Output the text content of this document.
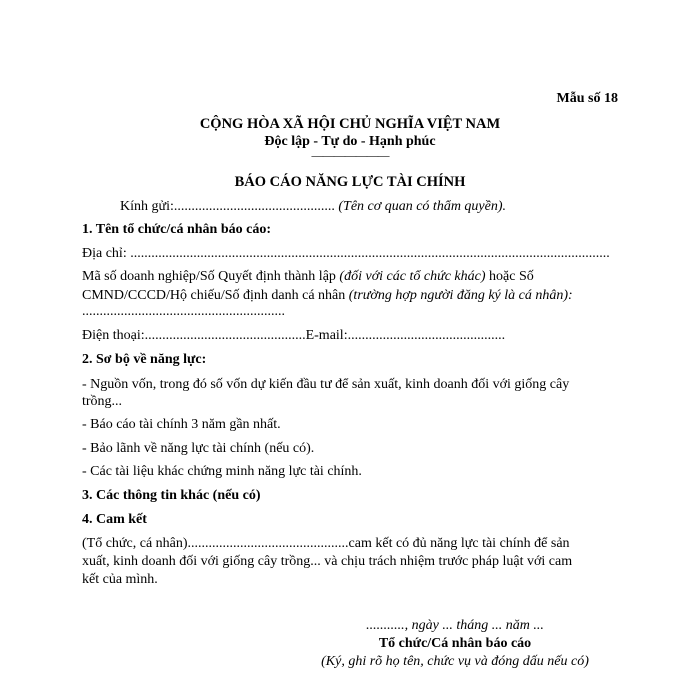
Mẫu số 18
CỘNG HÒA XÃ HỘI CHỦ NGHĨA VIỆT NAM
Độc lập - Tự do - Hạnh phúc
———————
BÁO CÁO NĂNG LỰC TÀI CHÍNH
Kính gửi:.............................................. (Tên cơ quan có thẩm quyền).
1. Tên tổ chức/cá nhân báo cáo:
Địa chỉ: .........................................................................................................................................
Mã số doanh nghiệp/Số Quyết định thành lập (đối với các tổ chức khác) hoặc Số
CMND/CCCD/Hộ chiếu/Số định danh cá nhân (trường hợp người đăng ký là cá nhân):
..........................................................
Điện thoại:..............................................E-mail:.............................................
2. Sơ bộ về năng lực:
- Nguồn vốn, trong đó số vốn dự kiến đầu tư để sản xuất, kinh doanh đối với giống cây
trồng...
- Báo cáo tài chính 3 năm gần nhất.
- Bảo lãnh về năng lực tài chính (nếu có).
- Các tài liệu khác chứng minh năng lực tài chính.
3. Các thông tin khác (nếu có)
4. Cam kết
(Tổ chức, cá nhân)..............................................cam kết có đủ năng lực tài chính để sản
xuất, kinh doanh đối với giống cây trồng... và chịu trách nhiệm trước pháp luật với cam
kết của mình.
..........., ngày ... tháng ... năm ...
Tổ chức/Cá nhân báo cáo
(Ký, ghi rõ họ tên, chức vụ và đóng dấu nếu có)
